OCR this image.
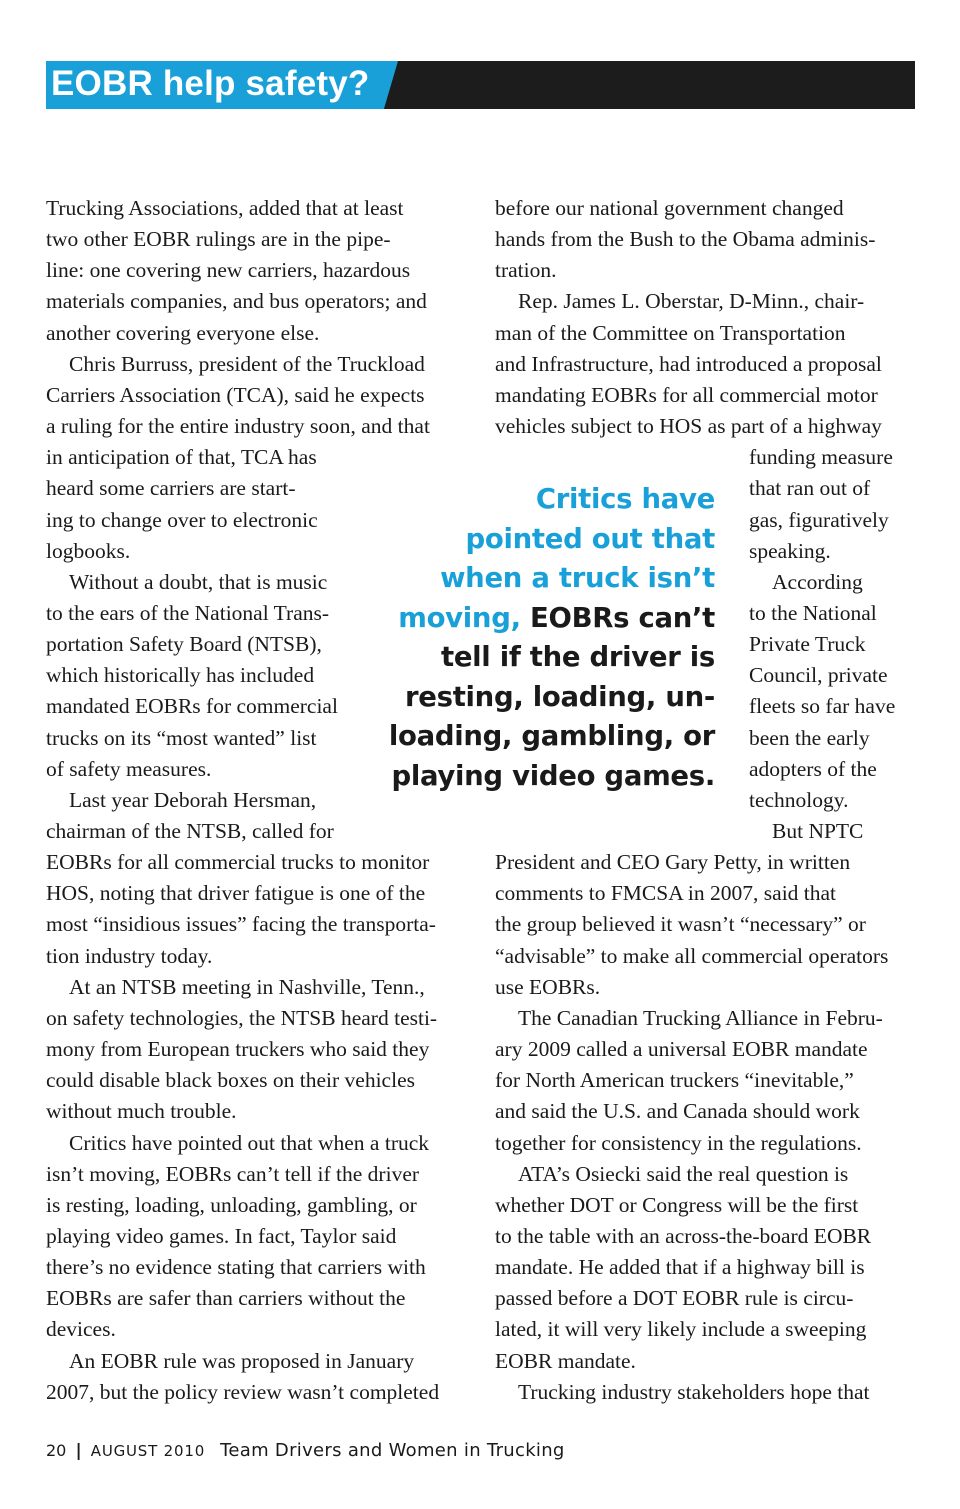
EOBR help safety?
Trucking Associations, added that at least
two other EOBR rulings are in the pipe-
line: one covering new carriers, hazardous
materials companies, and bus operators; and
another covering everyone else.
Chris Burruss, president of the Truckload
Carriers Association (TCA), said he expects
a ruling for the entire industry soon, and that
in anticipation of that, TCA has
heard some carriers are start-
ing to change over to electronic
logbooks.
Without a doubt, that is music
to the ears of the National Trans-
portation Safety Board (NTSB),
which historically has included
mandated EOBRs for commercial
trucks on its “most wanted” list
of safety measures.
Last year Deborah Hersman,
chairman of the NTSB, called for
EOBRs for all commercial trucks to monitor
HOS, noting that driver fatigue is one of the
most “insidious issues” facing the transporta-
tion industry today.
At an NTSB meeting in Nashville, Tenn.,
on safety technologies, the NTSB heard testi-
mony from European truckers who said they
could disable black boxes on their vehicles
without much trouble.
Critics have pointed out that when a truck
isn’t moving, EOBRs can’t tell if the driver
is resting, loading, unloading, gambling, or
playing video games. In fact, Taylor said
there’s no evidence stating that carriers with
EOBRs are safer than carriers without the
devices.
An EOBR rule was proposed in January
2007, but the policy review wasn’t completed
before our national government changed
hands from the Bush to the Obama adminis-
tration.
Rep. James L. Oberstar, D-Minn., chair-
man of the Committee on Transportation
and Infrastructure, had introduced a proposal
mandating EOBRs for all commercial motor
vehicles subject to HOS as part of a highway
funding measure
that ran out of
gas, figuratively
speaking.
According
to the National
Private Truck
Council, private
fleets so far have
been the early
adopters of the
technology.
But NPTC
President and CEO Gary Petty, in written
comments to FMCSA in 2007, said that
the group believed it wasn’t “necessary” or
“advisable” to make all commercial operators
use EOBRs.
The Canadian Trucking Alliance in Febru-
ary 2009 called a universal EOBR mandate
for North American truckers “inevitable,”
and said the U.S. and Canada should work
together for consistency in the regulations.
ATA’s Osiecki said the real question is
whether DOT or Congress will be the first
to the table with an across-the-board EOBR
mandate. He added that if a highway bill is
passed before a DOT EOBR rule is circu-
lated, it will very likely include a sweeping
EOBR mandate.
Trucking industry stakeholders hope that
Critics have
pointed out that
when a truck isn’t
moving, EOBRs can’t
tell if the driver is
resting, loading, un-
loading, gambling, or
playing video games.
20 | AUGUST 2010 Team Drivers and Women in Trucking
